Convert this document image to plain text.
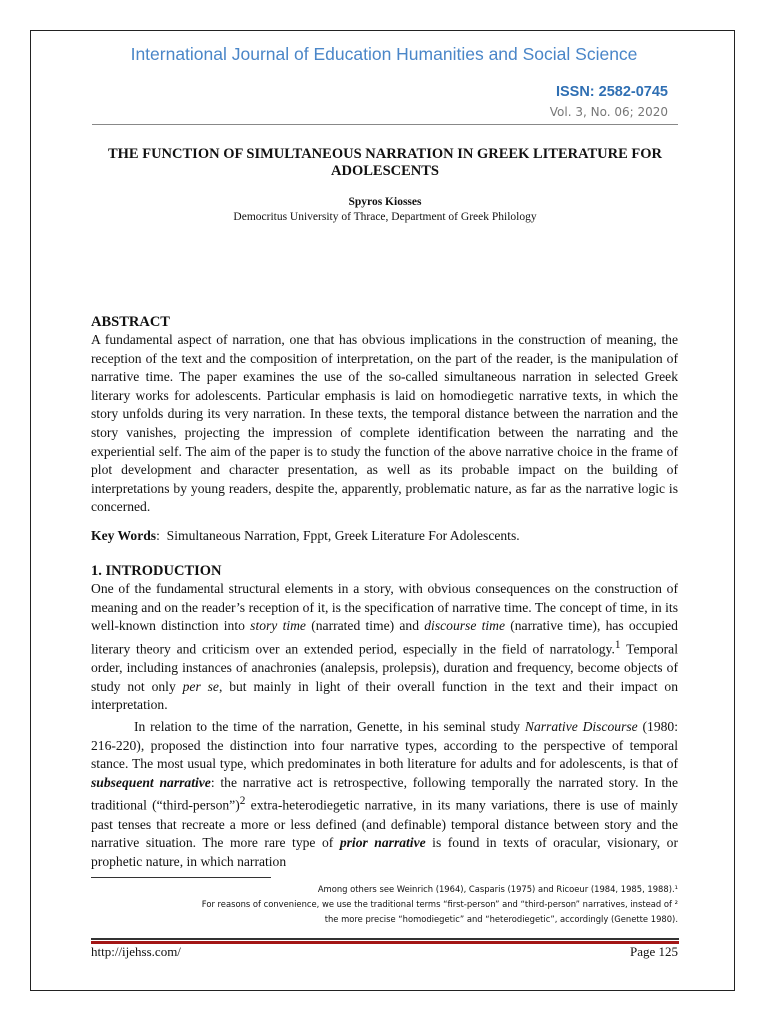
International Journal of Education Humanities and Social Science
ISSN: 2582-0745
Vol. 3, No. 06; 2020
THE FUNCTION OF SIMULTANEOUS NARRATION IN GREEK LITERATURE FOR ADOLESCENTS
Spyros Kiosses
Democritus University of Thrace, Department of Greek Philology
ABSTRACT
A fundamental aspect of narration, one that has obvious implications in the construction of meaning, the reception of the text and the composition of interpretation, on the part of the reader, is the manipulation of narrative time. The paper examines the use of the so-called simultaneous narration in selected Greek literary works for adolescents. Particular emphasis is laid on homodiegetic narrative texts, in which the story unfolds during its very narration. In these texts, the temporal distance between the narration and the story vanishes, projecting the impression of complete identification between the narrating and the experiential self. The aim of the paper is to study the function of the above narrative choice in the frame of plot development and character presentation, as well as its probable impact on the building of interpretations by young readers, despite the, apparently, problematic nature, as far as the narrative logic is concerned.
Key Words:  Simultaneous Narration, Fppt, Greek Literature For Adolescents.
1. INTRODUCTION
One of the fundamental structural elements in a story, with obvious consequences on the construction of meaning and on the reader’s reception of it, is the specification of narrative time. The concept of time, in its well-known distinction into story time (narrated time) and discourse time (narrative time), has occupied literary theory and criticism over an extended period, especially in the field of narratology.$^1$ Temporal order, including instances of anachronies (analepsis, prolepsis), duration and frequency, become objects of study not only per se, but mainly in light of their overall function in the text and their impact on interpretation.
In relation to the time of the narration, Genette, in his seminal study Narrative Discourse (1980: 216-220), proposed the distinction into four narrative types, according to the perspective of temporal stance. The most usual type, which predominates in both literature for adults and for adolescents, is that of subsequent narrative: the narrative act is retrospective, following temporally the narrated story. In the traditional (“third-person”)$^2$ extra-heterodiegetic narrative, in its many variations, there is use of mainly past tenses that recreate a more or less defined (and definable) temporal distance between story and the narrative situation. The more rare type of prior narrative is found in texts of oracular, visionary, or prophetic nature, in which narration
Among others see Weinrich (1964), Casparis (1975) and Ricoeur (1984, 1985, 1988).¹
For reasons of convenience, we use the traditional terms “first-person” and “third-person” narratives, instead of ²
the more precise “homodiegetic” and “heterodiegetic”, accordingly (Genette 1980).
http://ijehss.com/	Page 125
